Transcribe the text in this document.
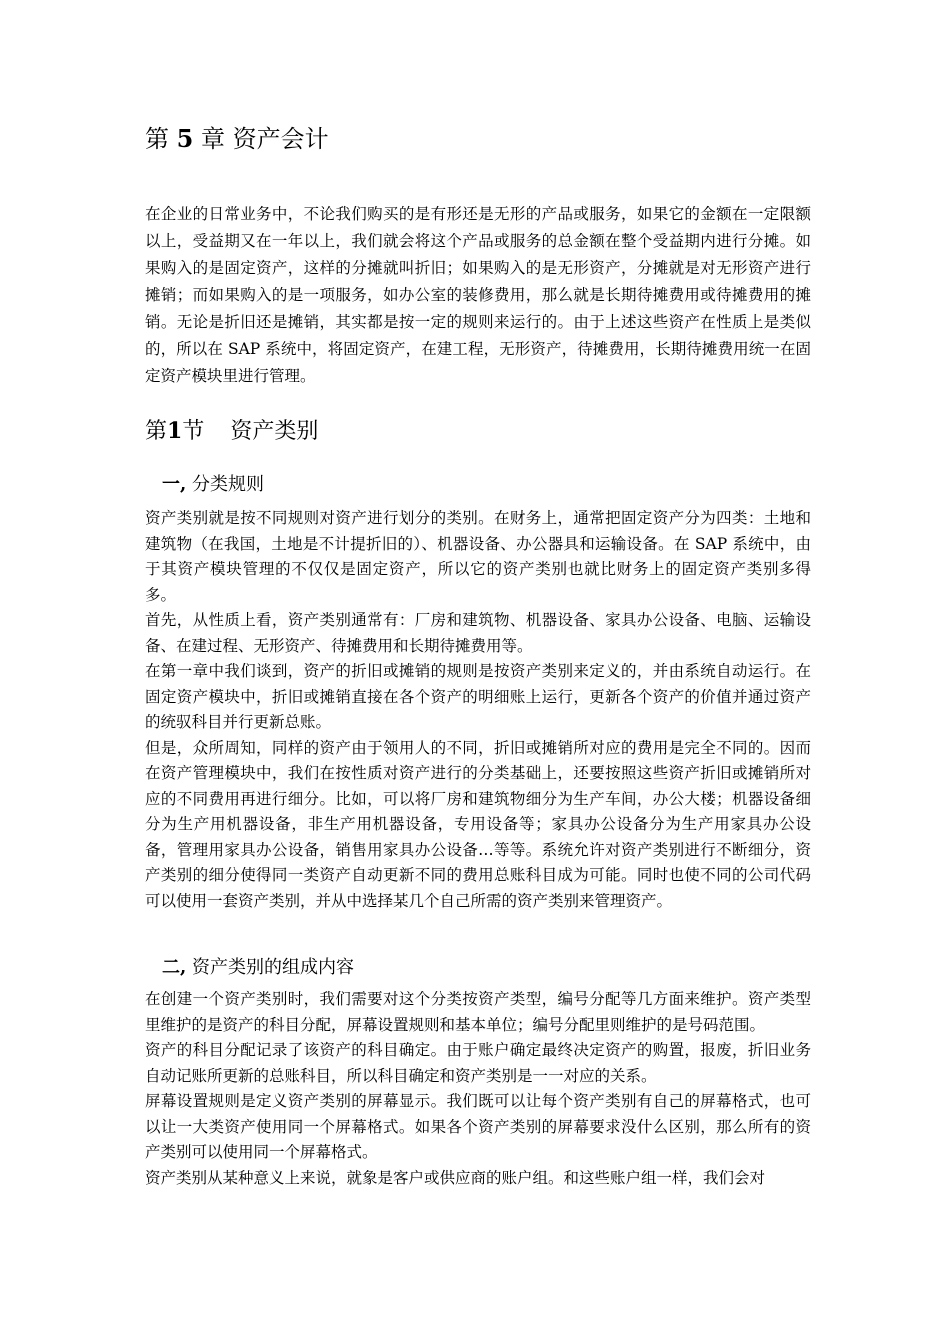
第 5 章 资产会计

在企业的日常业务中，不论我们购买的是有形还是无形的产品或服务，如果它的金额在一定限额以上，受益期又在一年以上，我们就会将这个产品或服务的总金额在整个受益期内进行分摊。如果购入的是固定资产，这样的分摊就叫折旧；如果购入的是无形资产，分摊就是对无形资产进行摊销；而如果购入的是一项服务，如办公室的装修费用，那么就是长期待摊费用或待摊费用的摊销。无论是折旧还是摊销，其实都是按一定的规则来运行的。由于上述这些资产在性质上是类似的，所以在 SAP 系统中，将固定资产，在建工程，无形资产，待摊费用，长期待摊费用统一在固定资产模块里进行管理。

第1节 资产类别
一, 分类规则

资产类别就是按不同规则对资产进行划分的类别。在财务上，通常把固定资产分为四类：土地和建筑物（在我国，土地是不计提折旧的）、机器设备、办公器具和运输设备。在 SAP 系统中，由于其资产模块管理的不仅仅是固定资产，所以它的资产类别也就比财务上的固定资产类别多得多。

首先，从性质上看，资产类别通常有：厂房和建筑物、机器设备、家具办公设备、电脑、运输设备、在建过程、无形资产、待摊费用和长期待摊费用等。

在第一章中我们谈到，资产的折旧或摊销的规则是按资产类别来定义的，并由系统自动运行。在固定资产模块中，折旧或摊销直接在各个资产的明细账上运行，更新各个资产的价值并通过资产的统驭科目并行更新总账。

但是，众所周知，同样的资产由于领用人的不同，折旧或摊销所对应的费用是完全不同的。因而在资产管理模块中，我们在按性质对资产进行的分类基础上，还要按照这些资产折旧或摊销所对应的不同费用再进行细分。比如，可以将厂房和建筑物细分为生产车间，办公大楼；机器设备细分为生产用机器设备，非生产用机器设备，专用设备等；家具办公设备分为生产用家具办公设备，管理用家具办公设备，销售用家具办公设备…等等。系统允许对资产类别进行不断细分，资产类别的细分使得同一类资产自动更新不同的费用总账科目成为可能。同时也使不同的公司代码可以使用一套资产类别，并从中选择某几个自己所需的资产类别来管理资产。

二, 资产类别的组成内容

在创建一个资产类别时，我们需要对这个分类按资产类型，编号分配等几方面来维护。资产类型里维护的是资产的科目分配，屏幕设置规则和基本单位；编号分配里则维护的是号码范围。

资产的科目分配记录了该资产的科目确定。由于账户确定最终决定资产的购置，报废，折旧业务自动记账所更新的总账科目，所以科目确定和资产类别是一一对应的关系。

屏幕设置规则是定义资产类别的屏幕显示。我们既可以让每个资产类别有自己的屏幕格式，也可以让一大类资产使用同一个屏幕格式。如果各个资产类别的屏幕要求没什么区别，那么所有的资产类别可以使用同一个屏幕格式。

资产类别从某种意义上来说，就象是客户或供应商的账户组。和这些账户组一样，我们会对
